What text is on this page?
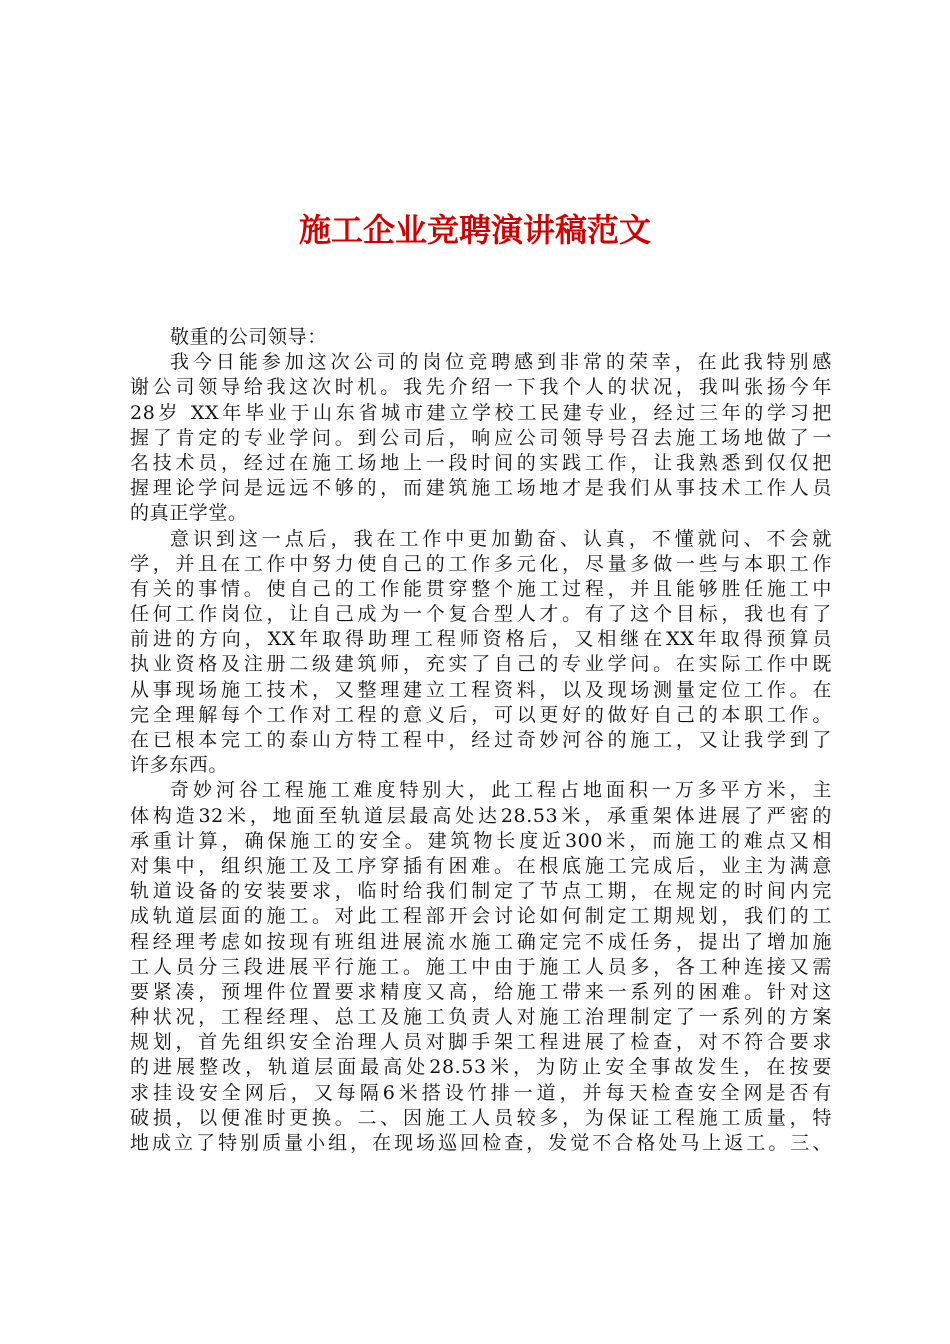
施工企业竞聘演讲稿范文
敬重的公司领导：
我今日能参加这次公司的岗位竞聘感到非常的荣幸，在此我特别感
谢公司领导给我这次时机。我先介绍一下我个人的状况，我叫张扬今年
28岁 XX年毕业于山东省城市建立学校工民建专业，经过三年的学习把
握了肯定的专业学问。到公司后，响应公司领导号召去施工场地做了一
名技术员，经过在施工场地上一段时间的实践工作，让我熟悉到仅仅把
握理论学问是远远不够的，而建筑施工场地才是我们从事技术工作人员
的真正学堂。
意识到这一点后，我在工作中更加勤奋、认真，不懂就问、不会就
学，并且在工作中努力使自己的工作多元化，尽量多做一些与本职工作
有关的事情。使自己的工作能贯穿整个施工过程，并且能够胜任施工中
任何工作岗位，让自己成为一个复合型人才。有了这个目标，我也有了
前进的方向，XX年取得助理工程师资格后，又相继在XX年取得预算员
执业资格及注册二级建筑师，充实了自己的专业学问。在实际工作中既
从事现场施工技术，又整理建立工程资料，以及现场测量定位工作。在
完全理解每个工作对工程的意义后，可以更好的做好自己的本职工作。
在已根本完工的泰山方特工程中，经过奇妙河谷的施工，又让我学到了
许多东西。
奇妙河谷工程施工难度特别大，此工程占地面积一万多平方米，主
体构造32米，地面至轨道层最高处达28.53米，承重架体进展了严密的
承重计算，确保施工的安全。建筑物长度近300米，而施工的难点又相
对集中，组织施工及工序穿插有困难。在根底施工完成后，业主为满意
轨道设备的安装要求，临时给我们制定了节点工期，在规定的时间内完
成轨道层面的施工。对此工程部开会讨论如何制定工期规划，我们的工
程经理考虑如按现有班组进展流水施工确定完不成任务，提出了增加施
工人员分三段进展平行施工。施工中由于施工人员多，各工种连接又需
要紧凑，预埋件位置要求精度又高，给施工带来一系列的困难。针对这
种状况，工程经理、总工及施工负责人对施工治理制定了一系列的方案
规划，首先组织安全治理人员对脚手架工程进展了检查，对不符合要求
的进展整改，轨道层面最高处28.53米，为防止安全事故发生，在按要
求挂设安全网后，又每隔6米搭设竹排一道，并每天检查安全网是否有
破损，以便准时更换。二、因施工人员较多，为保证工程施工质量，特
地成立了特别质量小组，在现场巡回检查，发觉不合格处马上返工。三、
